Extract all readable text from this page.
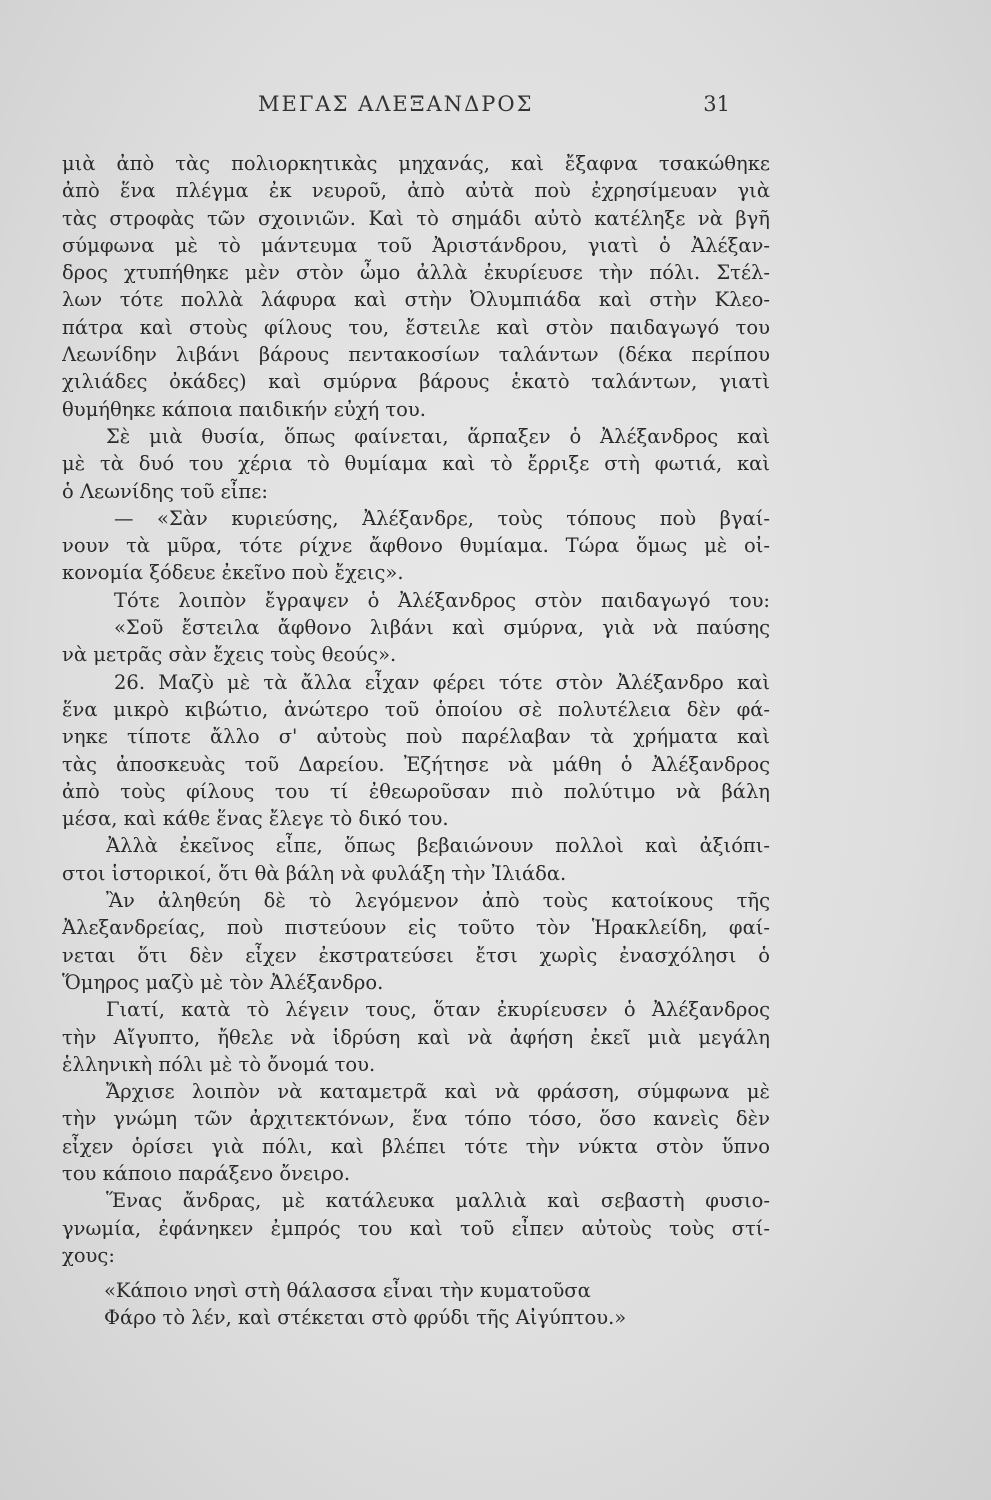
ΜΕΓΑΣ ΑΛΕΞΑΝΔΡΟΣ	31
μιὰ ἀπὸ τὰς πολιορκητικὰς μηχανάς, καὶ ἔξαφνα τσακώθηκε
ἀπὸ ἕνα πλέγμα ἐκ νευροῦ, ἀπὸ αὐτὰ ποὺ ἐχρησίμευαν γιὰ
τὰς στροφὰς τῶν σχοινιῶν. Καὶ τὸ σημάδι αὐτὸ κατέληξε νὰ βγῆ
σύμφωνα μὲ τὸ μάντευμα τοῦ Ἀριστάνδρου, γιατὶ ὁ Ἀλέξαν-
δρος χτυπήθηκε μὲν στὸν ὦμο ἀλλὰ ἐκυρίευσε τὴν πόλι. Στέλ-
λων τότε πολλὰ λάφυρα καὶ στὴν Ὀλυμπιάδα καὶ στὴν Κλεο-
πάτρα καὶ στοὺς φίλους του, ἔστειλε καὶ στὸν παιδαγωγό του
Λεωνίδην λιβάνι βάρους πεντακοσίων ταλάντων (δέκα περίπου
χιλιάδες ὀκάδες) καὶ σμύρνα βάρους ἑκατὸ ταλάντων, γιατὶ
θυμήθηκε κάποια παιδικήν εὐχή του.
Σὲ μιὰ θυσία, ὅπως φαίνεται, ἅρπαξεν ὁ Ἀλέξανδρος καὶ
μὲ τὰ δυό του χέρια τὸ θυμίαμα καὶ τὸ ἔρριξε στὴ φωτιά, καὶ
ὁ Λεωνίδης τοῦ εἶπε:
— «Σὰν κυριεύσης, Ἀλέξανδρε, τοὺς τόπους ποὺ βγαί-
νουν τὰ μῦρα, τότε ρίχνε ἄφθονο θυμίαμα. Τώρα ὅμως μὲ οἰ-
κονομία ξόδευε ἐκεῖνο ποὺ ἔχεις».
Τότε λοιπὸν ἔγραψεν ὁ Ἀλέξανδρος στὸν παιδαγωγό του:
«Σοῦ ἔστειλα ἄφθονο λιβάνι καὶ σμύρνα, γιὰ νὰ παύσης
νὰ μετρᾶς σὰν ἔχεις τοὺς θεούς».
26. Μαζὺ μὲ τὰ ἄλλα εἶχαν φέρει τότε στὸν Ἀλέξανδρο καὶ
ἕνα μικρὸ κιβώτιο, ἀνώτερο τοῦ ὁποίου σὲ πολυτέλεια δὲν φά-
νηκε τίποτε ἄλλο σ' αὐτοὺς ποὺ παρέλαβαν τὰ χρήματα καὶ
τὰς ἀποσκευὰς τοῦ Δαρείου. Ἐζήτησε νὰ μάθη ὁ Ἀλέξανδρος
ἀπὸ τοὺς φίλους του τί ἐθεωροῦσαν πιὸ πολύτιμο νὰ βάλη
μέσα, καὶ κάθε ἕνας ἔλεγε τὸ δικό του.
Ἀλλὰ ἐκεῖνος εἶπε, ὅπως βεβαιώνουν πολλοὶ καὶ ἀξιόπι-
στοι ἱστορικοί, ὅτι θὰ βάλη νὰ φυλάξη τὴν Ἰλιάδα.
Ἂν ἀληθεύη δὲ τὸ λεγόμενον ἀπὸ τοὺς κατοίκους τῆς
Ἀλεξανδρείας, ποὺ πιστεύουν εἰς τοῦτο τὸν Ἡρακλείδη, φαί-
νεται ὅτι δὲν εἶχεν ἐκστρατεύσει ἔτσι χωρὶς ἐνασχόλησι ὁ
Ὅμηρος μαζὺ μὲ τὸν Ἀλέξανδρο.
Γιατί, κατὰ τὸ λέγειν τους, ὅταν ἐκυρίευσεν ὁ Ἀλέξανδρος
τὴν Αἴγυπτο, ἤθελε νὰ ἱδρύση καὶ νὰ ἀφήση ἐκεῖ μιὰ μεγάλη
ἑλληνικὴ πόλι μὲ τὸ ὄνομά του.
Ἄρχισε λοιπὸν νὰ καταμετρᾶ καὶ νὰ φράσση, σύμφωνα μὲ
τὴν γνώμη τῶν ἀρχιτεκτόνων, ἕνα τόπο τόσο, ὅσο κανεὶς δὲν
εἶχεν ὁρίσει γιὰ πόλι, καὶ βλέπει τότε τὴν νύκτα στὸν ὕπνο
του κάποιο παράξενο ὄνειρο.
Ἕνας ἄνδρας, μὲ κατάλευκα μαλλιὰ καὶ σεβαστὴ φυσιο-
γνωμία, ἐφάνηκεν ἐμπρός του καὶ τοῦ εἶπεν αὐτοὺς τοὺς στί-
χους:
«Κάποιο νησὶ στὴ θάλασσα εἶναι τὴν κυματοῦσα
Φάρο τὸ λέν, καὶ στέκεται στὸ φρύδι τῆς Αἰγύπτου.»
